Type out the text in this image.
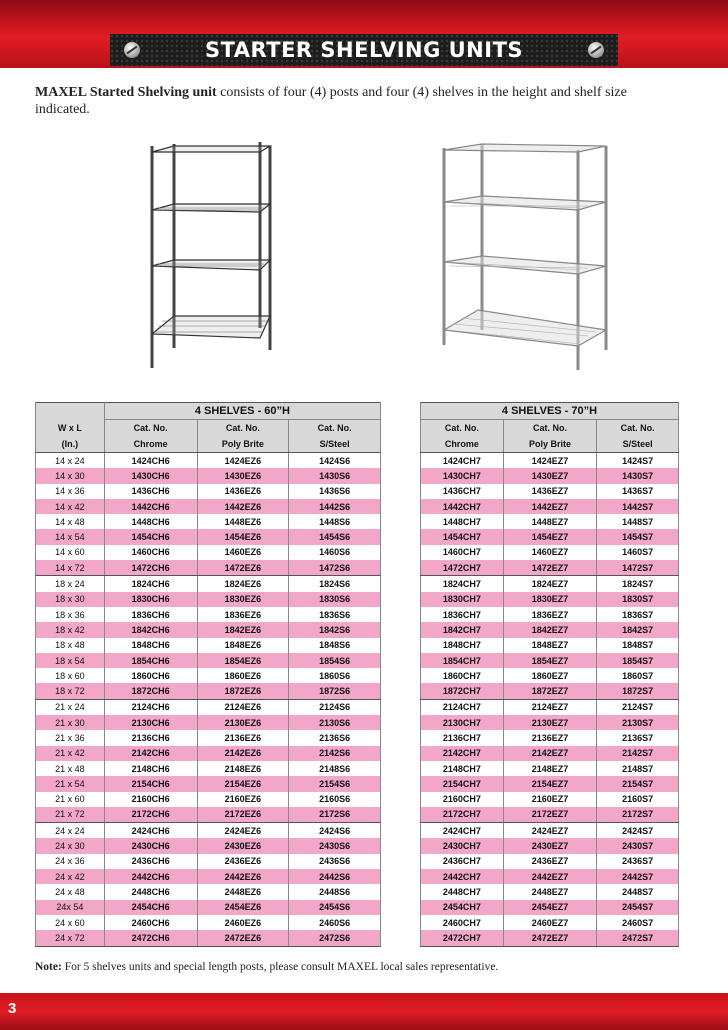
STARTER SHELVING UNITS
MAXEL Started Shelving unit consists of four (4) posts and four (4) shelves in the height and shelf size indicated.
	4 SHELVES - 60”H		
W x L	Cat. No.	Cat. No.	Cat. No.
(In.)	Chrome	Poly Brite	S/Steel
14 x 24	1424CH6	1424EZ6	1424S6
14 x 30	1430CH6	1430EZ6	1430S6
14 x 36	1436CH6	1436EZ6	1436S6
14 x 42	1442CH6	1442EZ6	1442S6
14 x 48	1448CH6	1448EZ6	1448S6
14 x 54	1454CH6	1454EZ6	1454S6
14 x 60	1460CH6	1460EZ6	1460S6
14 x 72	1472CH6	1472EZ6	1472S6
18 x 24	1824CH6	1824EZ6	1824S6
18 x 30	1830CH6	1830EZ6	1830S6
18 x 36	1836CH6	1836EZ6	1836S6
18 x 42	1842CH6	1842EZ6	1842S6
18 x 48	1848CH6	1848EZ6	1848S6
18 x 54	1854CH6	1854EZ6	1854S6
18 x 60	1860CH6	1860EZ6	1860S6
18 x 72	1872CH6	1872EZ6	1872S6
21 x 24	2124CH6	2124EZ6	2124S6
21 x 30	2130CH6	2130EZ6	2130S6
21 x 36	2136CH6	2136EZ6	2136S6
21 x 42	2142CH6	2142EZ6	2142S6
21 x 48	2148CH6	2148EZ6	2148S6
21 x 54	2154CH6	2154EZ6	2154S6
21 x 60	2160CH6	2160EZ6	2160S6
21 x 72	2172CH6	2172EZ6	2172S6
24 x 24	2424CH6	2424EZ6	2424S6
24 x 30	2430CH6	2430EZ6	2430S6
24 x 36	2436CH6	2436EZ6	2436S6
24 x 42	2442CH6	2442EZ6	2442S6
24 x 48	2448CH6	2448EZ6	2448S6
24x 54	2454CH6	2454EZ6	2454S6
24 x 60	2460CH6	2460EZ6	2460S6
24 x 72	2472CH6	2472EZ6	2472S6
4 SHELVES - 70”H		
Cat. No.	Cat. No.	Cat. No.
Chrome	Poly Brite	S/Steel
1424CH7	1424EZ7	1424S7
1430CH7	1430EZ7	1430S7
1436CH7	1436EZ7	1436S7
1442CH7	1442EZ7	1442S7
1448CH7	1448EZ7	1448S7
1454CH7	1454EZ7	1454S7
1460CH7	1460EZ7	1460S7
1472CH7	1472EZ7	1472S7
1824CH7	1824EZ7	1824S7
1830CH7	1830EZ7	1830S7
1836CH7	1836EZ7	1836S7
1842CH7	1842EZ7	1842S7
1848CH7	1848EZ7	1848S7
1854CH7	1854EZ7	1854S7
1860CH7	1860EZ7	1860S7
1872CH7	1872EZ7	1872S7
2124CH7	2124EZ7	2124S7
2130CH7	2130EZ7	2130S7
2136CH7	2136EZ7	2136S7
2142CH7	2142EZ7	2142S7
2148CH7	2148EZ7	2148S7
2154CH7	2154EZ7	2154S7
2160CH7	2160EZ7	2160S7
2172CH7	2172EZ7	2172S7
2424CH7	2424EZ7	2424S7
2430CH7	2430EZ7	2430S7
2436CH7	2436EZ7	2436S7
2442CH7	2442EZ7	2442S7
2448CH7	2448EZ7	2448S7
2454CH7	2454EZ7	2454S7
2460CH7	2460EZ7	2460S7
2472CH7	2472EZ7	2472S7
Note: For 5 shelves units and special length posts, please consult MAXEL local sales representative.
3
